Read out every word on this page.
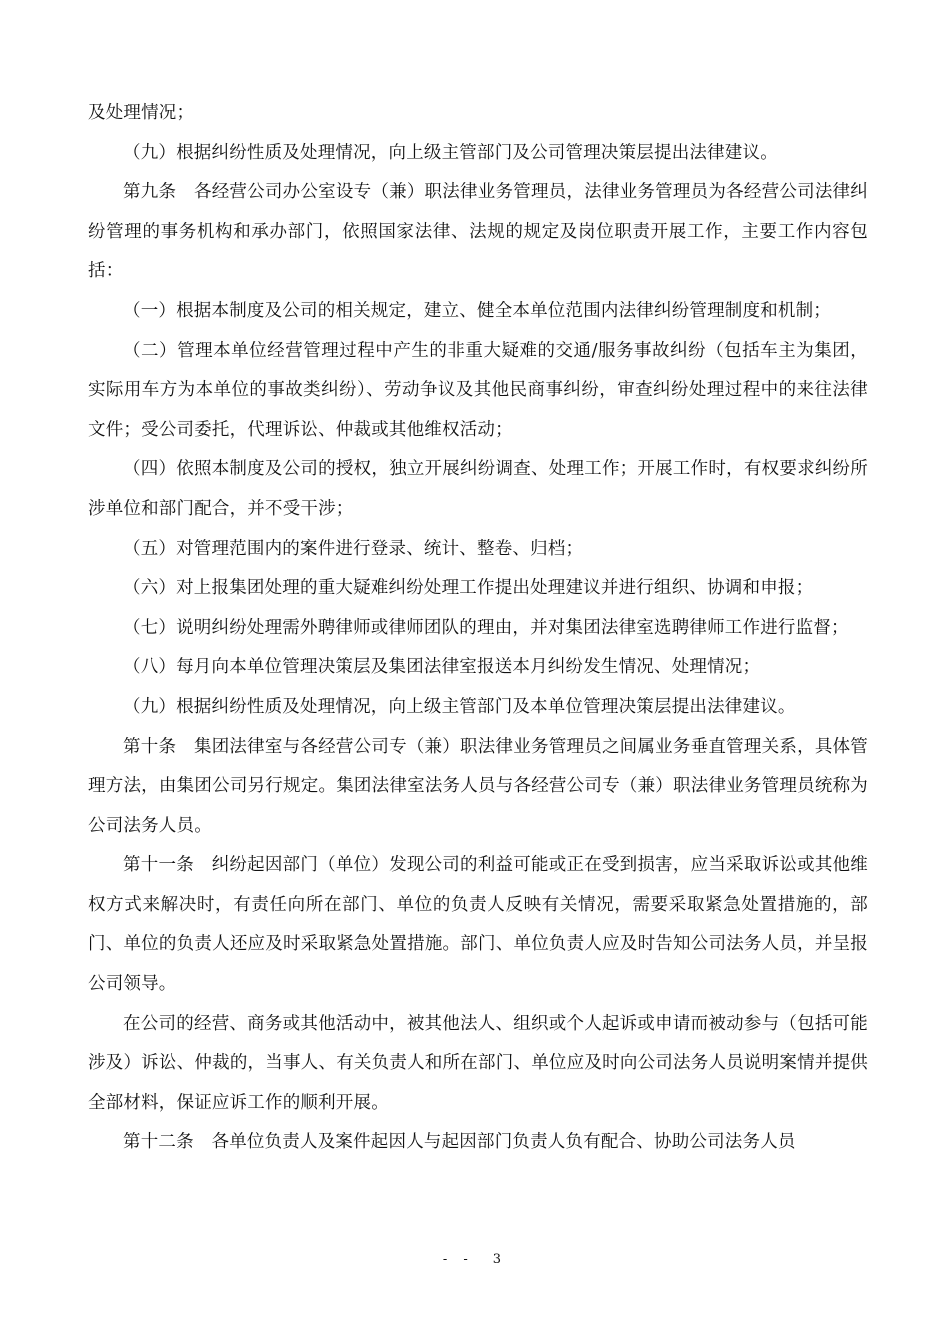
及处理情况；

（九）根据纠纷性质及处理情况，向上级主管部门及公司管理决策层提出法律建议。

第九条　各经营公司办公室设专（兼）职法律业务管理员，法律业务管理员为各经营公司法律纠纷管理的事务机构和承办部门，依照国家法律、法规的规定及岗位职责开展工作，主要工作内容包括：

（一）根据本制度及公司的相关规定，建立、健全本单位范围内法律纠纷管理制度和机制；

（二）管理本单位经营管理过程中产生的非重大疑难的交通/服务事故纠纷（包括车主为集团，实际用车方为本单位的事故类纠纷）、劳动争议及其他民商事纠纷，审查纠纷处理过程中的来往法律文件；受公司委托，代理诉讼、仲裁或其他维权活动；

（四）依照本制度及公司的授权，独立开展纠纷调查、处理工作；开展工作时，有权要求纠纷所涉单位和部门配合，并不受干涉；

（五）对管理范围内的案件进行登录、统计、整卷、归档；

（六）对上报集团处理的重大疑难纠纷处理工作提出处理建议并进行组织、协调和申报；

（七）说明纠纷处理需外聘律师或律师团队的理由，并对集团法律室选聘律师工作进行监督；

（八）每月向本单位管理决策层及集团法律室报送本月纠纷发生情况、处理情况；

（九）根据纠纷性质及处理情况，向上级主管部门及本单位管理决策层提出法律建议。

第十条　集团法律室与各经营公司专（兼）职法律业务管理员之间属业务垂直管理关系，具体管理方法，由集团公司另行规定。集团法律室法务人员与各经营公司专（兼）职法律业务管理员统称为公司法务人员。

第十一条　纠纷起因部门（单位）发现公司的利益可能或正在受到损害，应当采取诉讼或其他维权方式来解决时，有责任向所在部门、单位的负责人反映有关情况，需要采取紧急处置措施的，部门、单位的负责人还应及时采取紧急处置措施。部门、单位负责人应及时告知公司法务人员，并呈报公司领导。

在公司的经营、商务或其他活动中，被其他法人、组织或个人起诉或申请而被动参与（包括可能涉及）诉讼、仲裁的，当事人、有关负责人和所在部门、单位应及时向公司法务人员说明案情并提供全部材料，保证应诉工作的顺利开展。

第十二条　各单位负责人及案件起因人与起因部门负责人负有配合、协助公司法务人员

- -　3
